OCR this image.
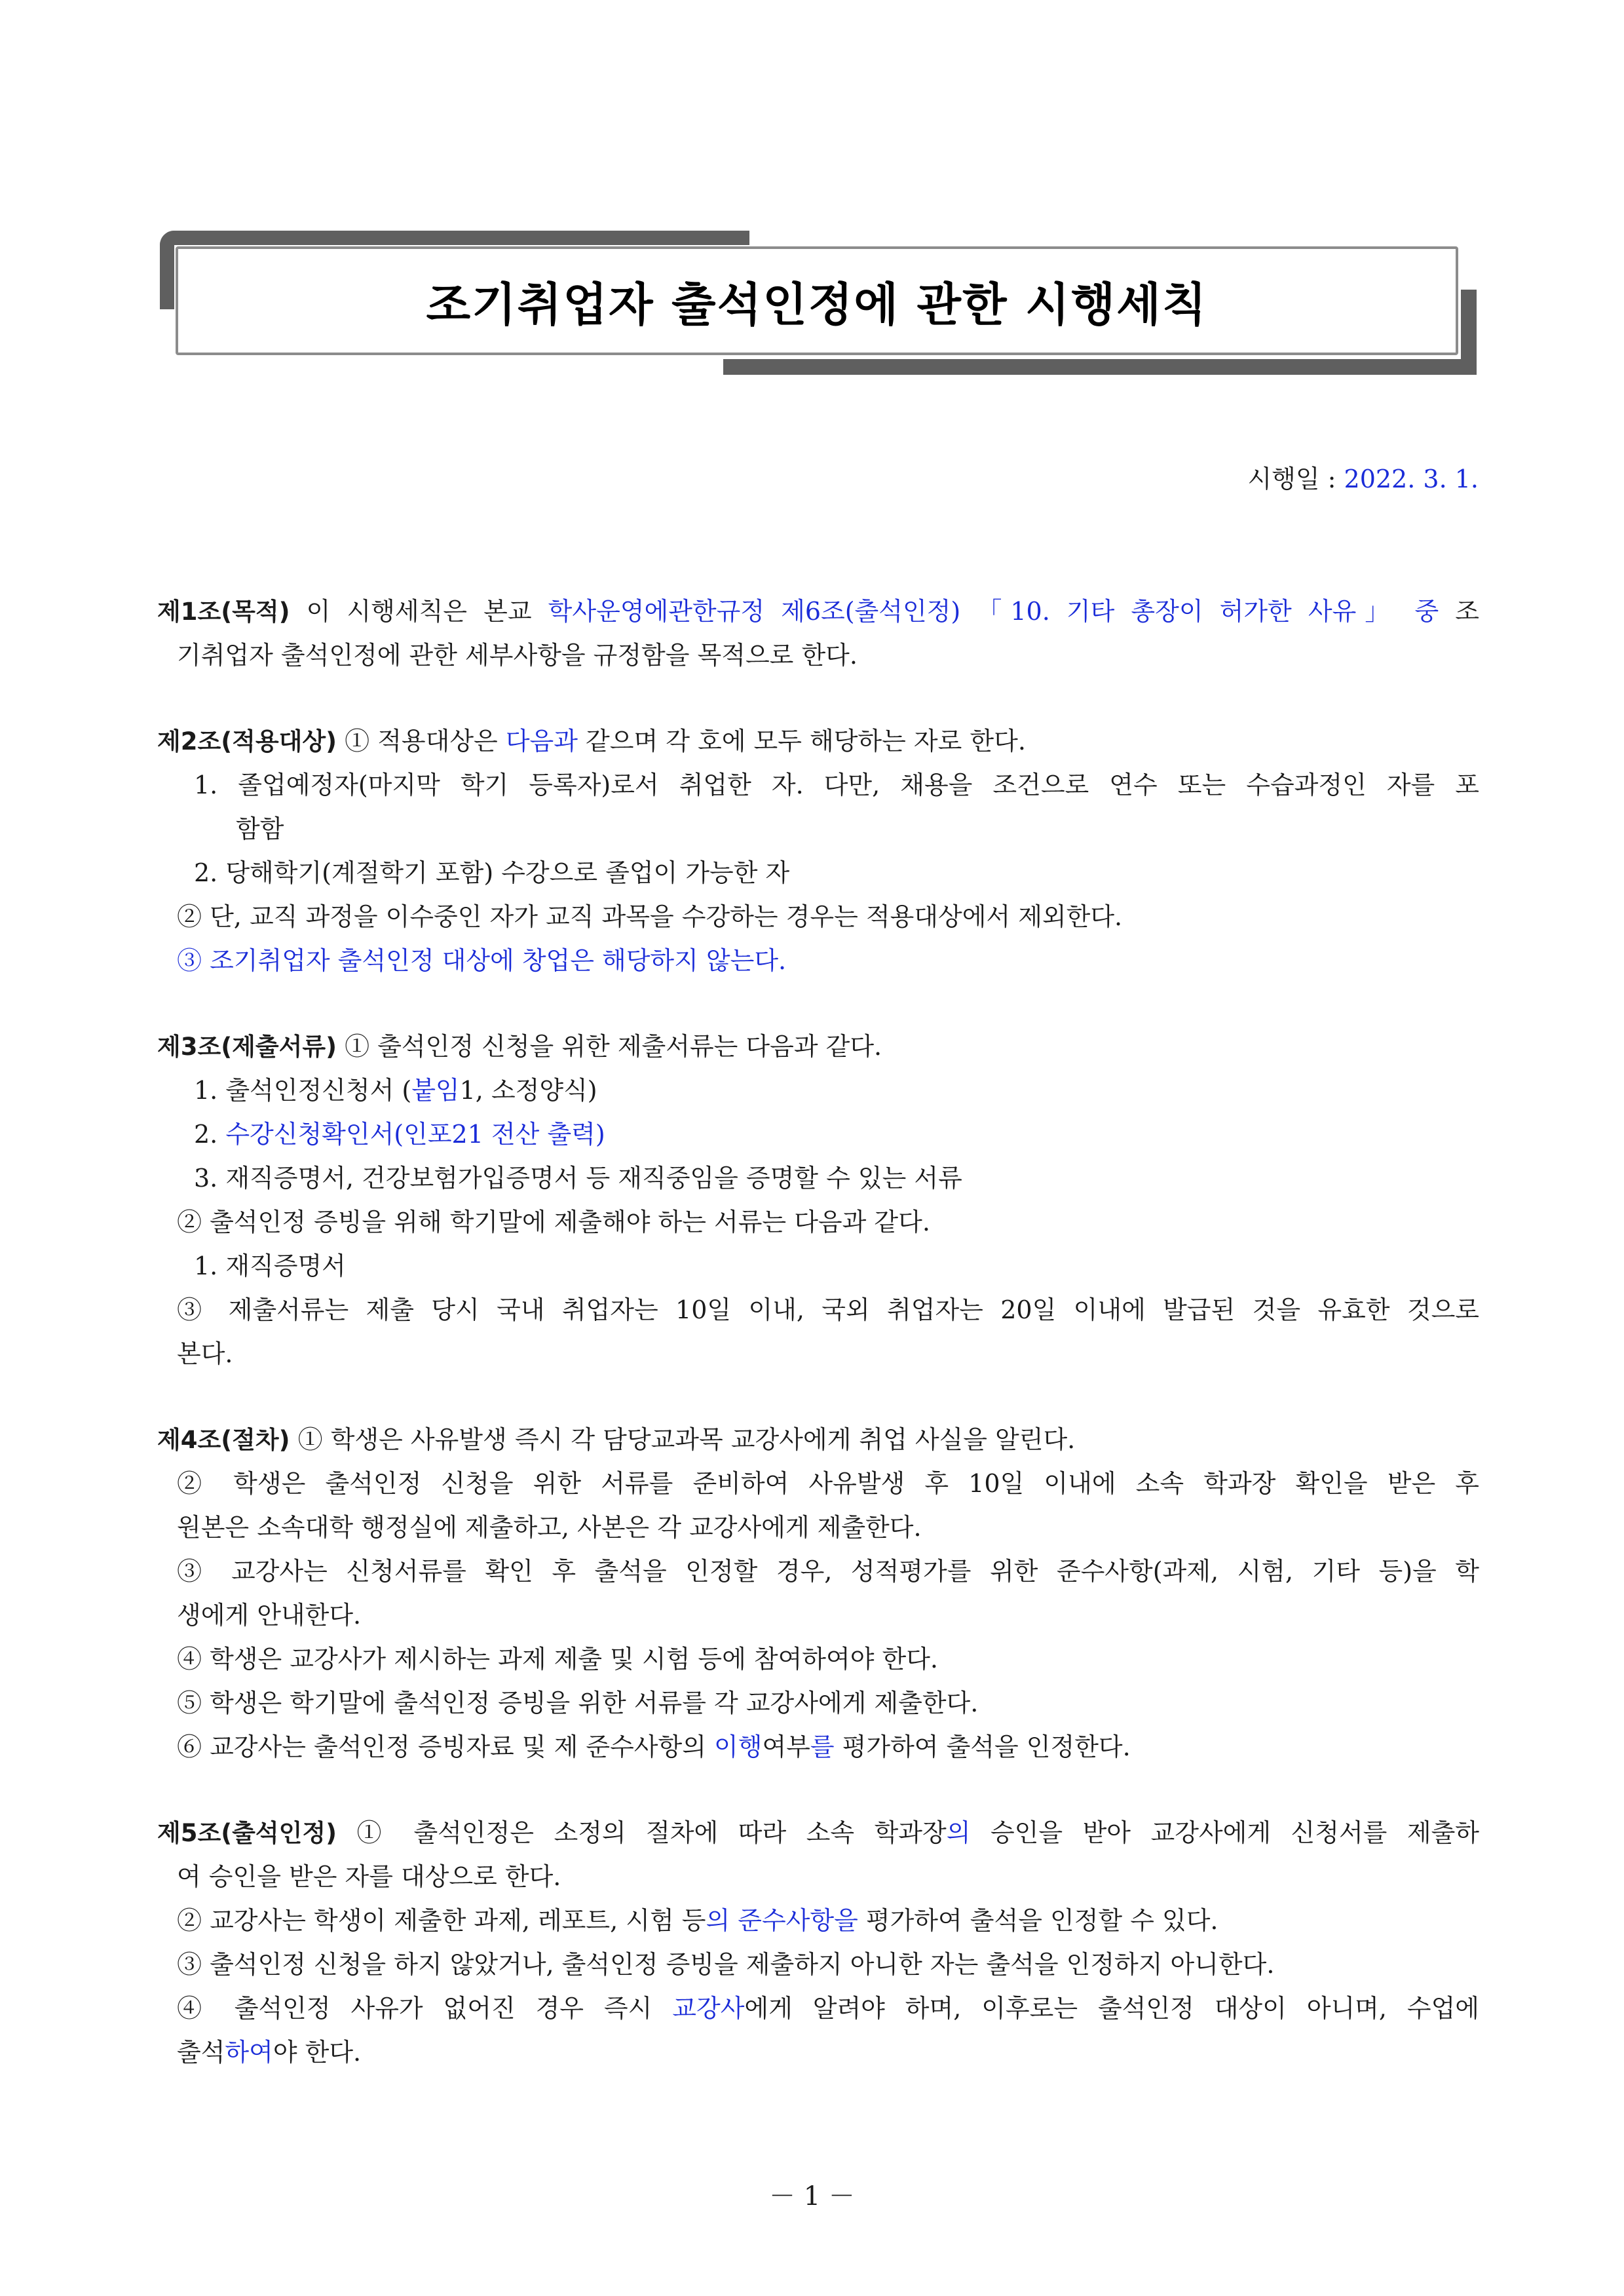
조기취업자 출석인정에 관한 시행세칙
시행일 : 2022. 3. 1.
제1조(목적) 이 시행세칙은 본교 학사운영에관한규정 제6조(출석인정) 「10. 기타 총장이 허가한 사유」 중 조
기취업자 출석인정에 관한 세부사항을 규정함을 목적으로 한다.
제2조(적용대상) ① 적용대상은 다음과 같으며 각 호에 모두 해당하는 자로 한다.
1. 졸업예정자(마지막 학기 등록자)로서 취업한 자. 다만, 채용을 조건으로 연수 또는 수습과정인 자를 포
함함
2. 당해학기(계절학기 포함) 수강으로 졸업이 가능한 자
② 단, 교직 과정을 이수중인 자가 교직 과목을 수강하는 경우는 적용대상에서 제외한다.
③ 조기취업자 출석인정 대상에 창업은 해당하지 않는다.
제3조(제출서류) ① 출석인정 신청을 위한 제출서류는 다음과 같다.
1. 출석인정신청서 (붙임1, 소정양식)
2. 수강신청확인서(인포21 전산 출력)
3. 재직증명서, 건강보험가입증명서 등 재직중임을 증명할 수 있는 서류
② 출석인정 증빙을 위해 학기말에 제출해야 하는 서류는 다음과 같다.
1. 재직증명서
③ 제출서류는 제출 당시 국내 취업자는 10일 이내, 국외 취업자는 20일 이내에 발급된 것을 유효한 것으로
본다.
제4조(절차) ① 학생은 사유발생 즉시 각 담당교과목 교강사에게 취업 사실을 알린다.
② 학생은 출석인정 신청을 위한 서류를 준비하여 사유발생 후 10일 이내에 소속 학과장 확인을 받은 후
원본은 소속대학 행정실에 제출하고, 사본은 각 교강사에게 제출한다.
③ 교강사는 신청서류를 확인 후 출석을 인정할 경우, 성적평가를 위한 준수사항(과제, 시험, 기타 등)을 학
생에게 안내한다.
④ 학생은 교강사가 제시하는 과제 제출 및 시험 등에 참여하여야 한다.
⑤ 학생은 학기말에 출석인정 증빙을 위한 서류를 각 교강사에게 제출한다.
⑥ 교강사는 출석인정 증빙자료 및 제 준수사항의 이행여부를 평가하여 출석을 인정한다.
제5조(출석인정) ① 출석인정은 소정의 절차에 따라 소속 학과장의 승인을 받아 교강사에게 신청서를 제출하
여 승인을 받은 자를 대상으로 한다.
② 교강사는 학생이 제출한 과제, 레포트, 시험 등의 준수사항을 평가하여 출석을 인정할 수 있다.
③ 출석인정 신청을 하지 않았거나, 출석인정 증빙을 제출하지 아니한 자는 출석을 인정하지 아니한다.
④ 출석인정 사유가 없어진 경우 즉시 교강사에게 알려야 하며, 이후로는 출석인정 대상이 아니며, 수업에
출석하여야 한다.
－ 1 －
